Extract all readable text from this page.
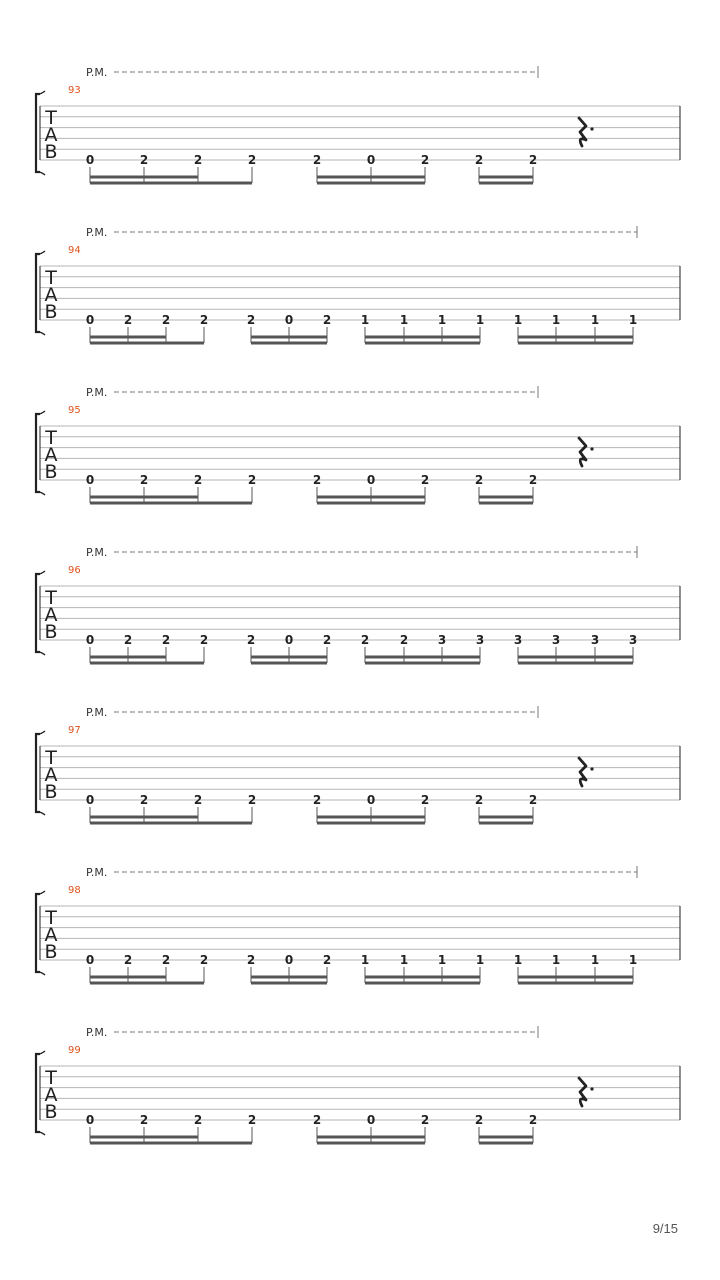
P.M.
93
T
A
B 0	2	2	2	2	0	2	2	2
P.M.
94
T
A
B 0 2 2 2	2 0 2 1	1 1 1 1 1	1 1
P.M.
95
T
A
B 0	2	2	2	2	0	2	2	2
P.M.
96
T
A
B 0 2 2 2	2 0 2 2	2 3 3 3 3	3 3
P.M.
97
T
A
B 0	2	2	2	2	0	2	2	2
P.M.
98
T
A
B 0 2 2 2	2 0 2 1	1 1 1 1 1	1 1
P.M.
99
T
A
B 0	2	2	2	2	0	2	2	2
9/15
